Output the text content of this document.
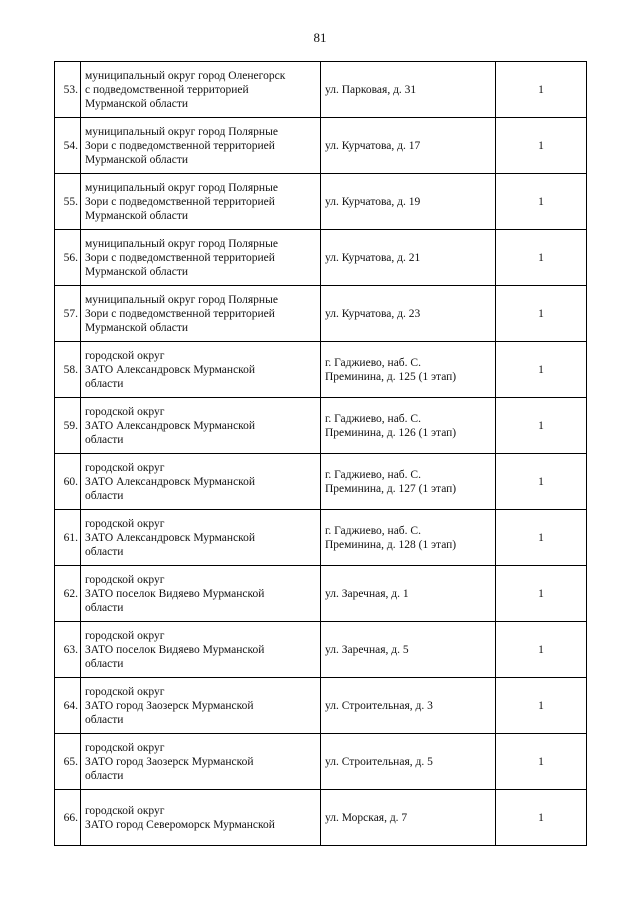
81
53.	муниципальный округ город Оленегорск
с подведомственной территорией
Мурманской области	ул. Парковая, д. 31	1
54.	муниципальный округ город Полярные
Зори с подведомственной территорией
Мурманской области	ул. Курчатова, д. 17	1
55.	муниципальный округ город Полярные
Зори с подведомственной территорией
Мурманской области	ул. Курчатова, д. 19	1
56.	муниципальный округ город Полярные
Зори с подведомственной территорией
Мурманской области	ул. Курчатова, д. 21	1
57.	муниципальный округ город Полярные
Зори с подведомственной территорией
Мурманской области	ул. Курчатова, д. 23	1
58.	городской округ
ЗАТО Александровск Мурманской
области	г. Гаджиево, наб. С.
Преминина, д. 125 (1 этап)	1
59.	городской округ
ЗАТО Александровск Мурманской
области	г. Гаджиево, наб. С.
Преминина, д. 126 (1 этап)	1
60.	городской округ
ЗАТО Александровск Мурманской
области	г. Гаджиево, наб. С.
Преминина, д. 127 (1 этап)	1
61.	городской округ
ЗАТО Александровск Мурманской
области	г. Гаджиево, наб. С.
Преминина, д. 128 (1 этап)	1
62.	городской округ
ЗАТО поселок Видяево Мурманской
области	ул. Заречная, д. 1	1
63.	городской округ
ЗАТО поселок Видяево Мурманской
области	ул. Заречная, д. 5	1
64.	городской округ
ЗАТО город Заозерск Мурманской
области	ул. Строительная, д. 3	1
65.	городской округ
ЗАТО город Заозерск Мурманской
области	ул. Строительная, д. 5	1
66.	городской округ
ЗАТО город Североморск Мурманской	ул. Морская, д. 7	1
